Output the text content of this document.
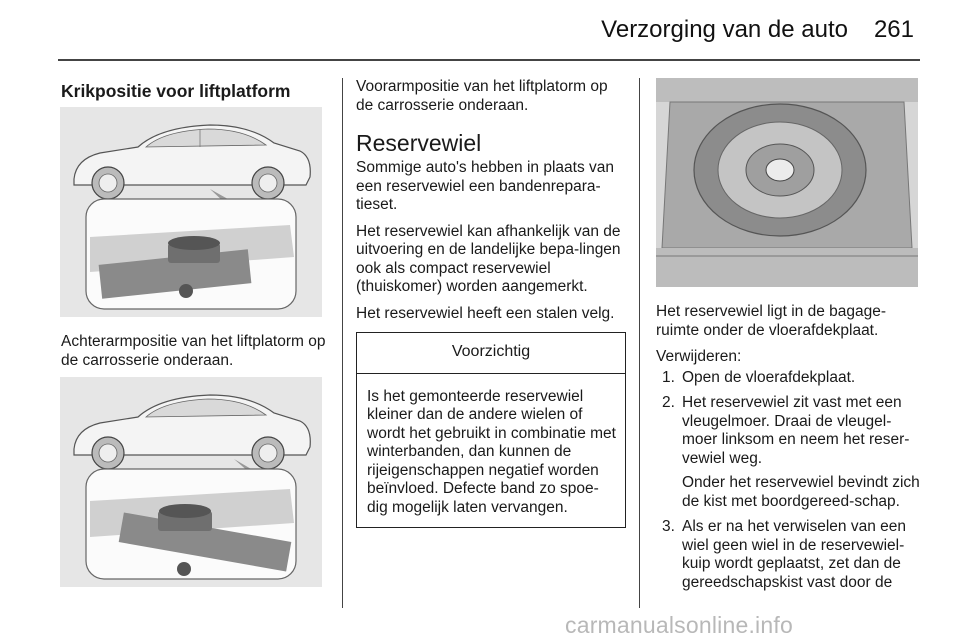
Verzorging van de auto 261
Krikpositie voor liftplatform

Achterarmpositie van het liftplatorm op de carrosserie onderaan.

Voorarmpositie van het liftplatorm op de carrosserie onderaan.

Reservewiel

Sommige auto's hebben in plaats van een reservewiel een bandenrepara-tieset.

Het reservewiel kan afhankelijk van de uitvoering en de landelijke bepa-lingen ook als compact reservewiel (thuiskomer) worden aangemerkt.

Het reservewiel heeft een stalen velg.

Voorzichtig
Is het gemonteerde reservewiel kleiner dan de andere wielen of wordt het gebruikt in combinatie met winterbanden, dan kunnen de rijeigenschappen negatief worden beïnvloed. Defecte band zo spoe-dig mogelijk laten vervangen.

Het reservewiel ligt in de bagage-ruimte onder de vloerafdekplaat.

Verwijderen:

1. Open de vloerafdekplaat.
2. Het reservewiel zit vast met een vleugelmoer. Draai de vleugel-moer linksom en neem het reser-vewiel weg.
Onder het reservewiel bevindt zich de kist met boordgereed-schap.
3. Als er na het verwiselen van een wiel geen wiel in de reservewiel-kuip wordt geplaatst, zet dan de gereedschapskist vast door de
carmanualsonline.info
